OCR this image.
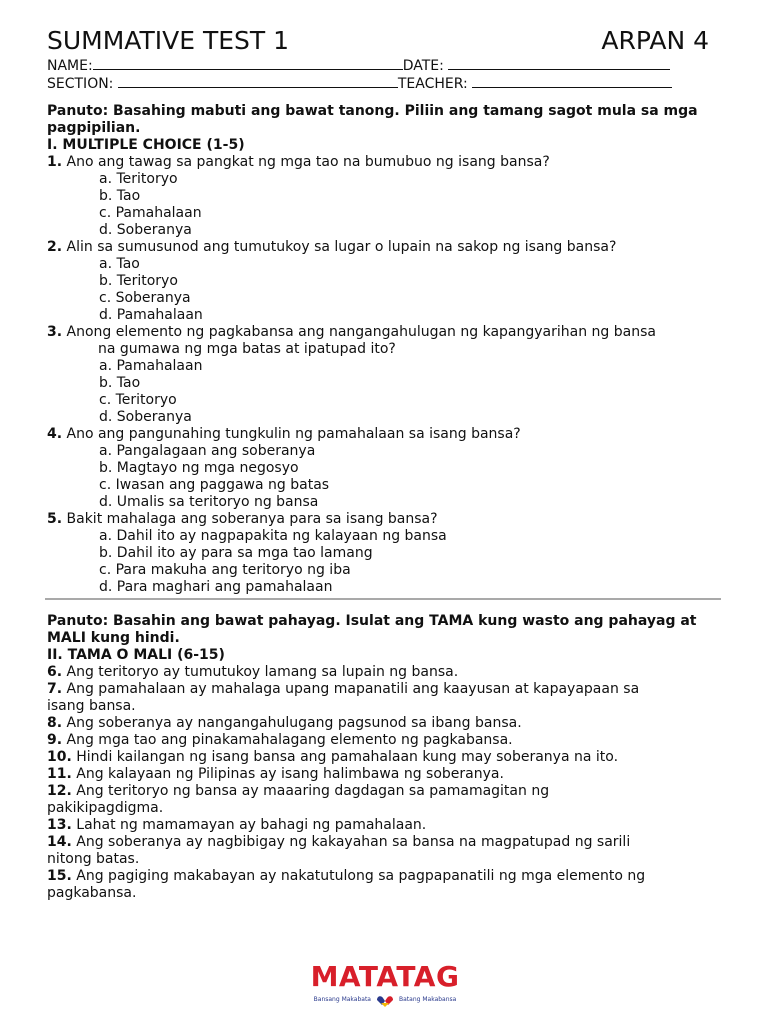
SUMMATIVE TEST 1	ARPAN 4
NAME:	DATE:
SECTION:	TEACHER:
Panuto: Basahing mabuti ang bawat tanong. Piliin ang tamang sagot mula sa mga pagpipilian.
I. MULTIPLE CHOICE (1-5)
1. Ano ang tawag sa pangkat ng mga tao na bumubuo ng isang bansa?
a. Teritoryo
b. Tao
c. Pamahalaan
d. Soberanya
2. Alin sa sumusunod ang tumutukoy sa lugar o lupain na sakop ng isang bansa?
a. Tao
b. Teritoryo
c. Soberanya
d. Pamahalaan
3. Anong elemento ng pagkabansa ang nangangahulugan ng kapangyarihan ng bansa
na gumawa ng mga batas at ipatupad ito?
a. Pamahalaan
b. Tao
c. Teritoryo
d. Soberanya
4. Ano ang pangunahing tungkulin ng pamahalaan sa isang bansa?
a. Pangalagaan ang soberanya
b. Magtayo ng mga negosyo
c. Iwasan ang paggawa ng batas
d. Umalis sa teritoryo ng bansa
5. Bakit mahalaga ang soberanya para sa isang bansa?
a. Dahil ito ay nagpapakita ng kalayaan ng bansa
b. Dahil ito ay para sa mga tao lamang
c. Para makuha ang teritoryo ng iba
d. Para maghari ang pamahalaan
Panuto: Basahin ang bawat pahayag. Isulat ang TAMA kung wasto ang pahayag at MALI kung hindi.
II. TAMA O MALI (6-15)
6. Ang teritoryo ay tumutukoy lamang sa lupain ng bansa.
7. Ang pamahalaan ay mahalaga upang mapanatili ang kaayusan at kapayapaan sa
isang bansa.
8. Ang soberanya ay nangangahulugang pagsunod sa ibang bansa.
9. Ang mga tao ang pinakamahalagang elemento ng pagkabansa.
10. Hindi kailangan ng isang bansa ang pamahalaan kung may soberanya na ito.
11. Ang kalayaan ng Pilipinas ay isang halimbawa ng soberanya.
12. Ang teritoryo ng bansa ay maaaring dagdagan sa pamamagitan ng
pakikipagdigma.
13. Lahat ng mamamayan ay bahagi ng pamahalaan.
14. Ang soberanya ay nagbibigay ng kakayahan sa bansa na magpatupad ng sarili
nitong batas.
15. Ang pagiging makabayan ay nakatutulong sa pagpapanatili ng mga elemento ng
pagkabansa.
MATATAG
Bansang Makabata	Batang Makabansa
